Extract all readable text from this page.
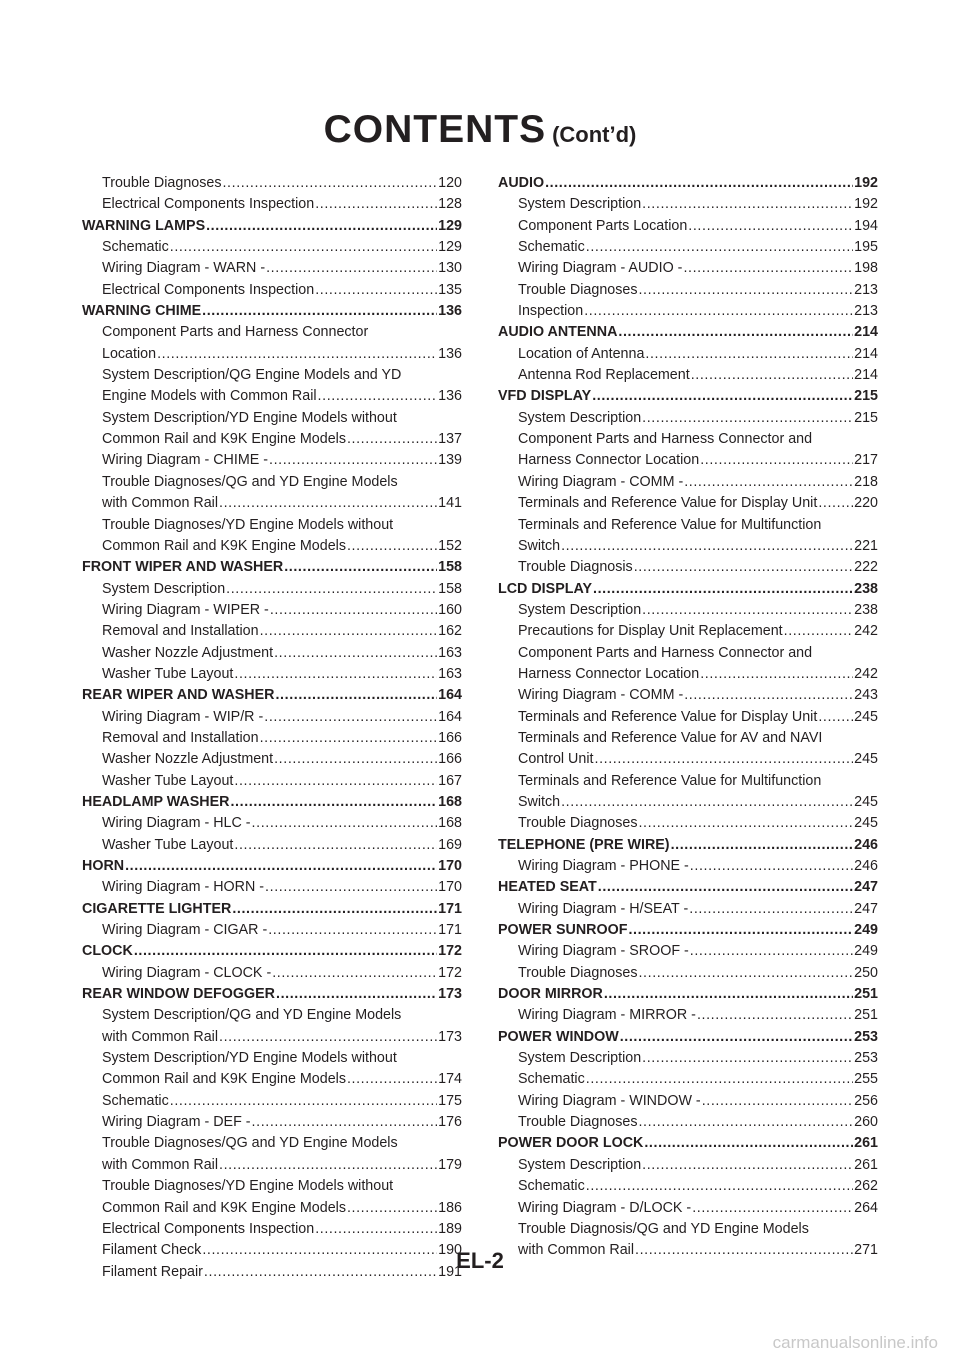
CONTENTS (Cont’d)
Trouble Diagnoses .....	120
Electrical Components Inspection .....	128
WARNING LAMPS .....	129
Schematic .....	129
Wiring Diagram - WARN - .....	130
Electrical Components Inspection .....	135
WARNING CHIME .....	136
Component Parts and Harness Connector
Location .....	136
System Description/QG Engine Models and YD
Engine Models with Common Rail .....	136
System Description/YD Engine Models without
Common Rail and K9K Engine Models .....	137
Wiring Diagram - CHIME - .....	139
Trouble Diagnoses/QG and YD Engine Models
with Common Rail .....	141
Trouble Diagnoses/YD Engine Models without
Common Rail and K9K Engine Models .....	152
FRONT WIPER AND WASHER .....	158
System Description .....	158
Wiring Diagram - WIPER - .....	160
Removal and Installation .....	162
Washer Nozzle Adjustment .....	163
Washer Tube Layout .....	163
REAR WIPER AND WASHER .....	164
Wiring Diagram - WIP/R - .....	164
Removal and Installation .....	166
Washer Nozzle Adjustment .....	166
Washer Tube Layout .....	167
HEADLAMP WASHER .....	168
Wiring Diagram - HLC - .....	168
Washer Tube Layout .....	169
HORN .....	170
Wiring Diagram - HORN - .....	170
CIGARETTE LIGHTER .....	171
Wiring Diagram - CIGAR - .....	171
CLOCK .....	172
Wiring Diagram - CLOCK - .....	172
REAR WINDOW DEFOGGER .....	173
System Description/QG and YD Engine Models
with Common Rail .....	173
System Description/YD Engine Models without
Common Rail and K9K Engine Models .....	174
Schematic .....	175
Wiring Diagram - DEF - .....	176
Trouble Diagnoses/QG and YD Engine Models
with Common Rail .....	179
Trouble Diagnoses/YD Engine Models without
Common Rail and K9K Engine Models .....	186
Electrical Components Inspection .....	189
Filament Check .....	190
Filament Repair .....	191
AUDIO .....	192
System Description .....	192
Component Parts Location .....	194
Schematic .....	195
Wiring Diagram - AUDIO - .....	198
Trouble Diagnoses .....	213
Inspection .....	213
AUDIO ANTENNA .....	214
Location of Antenna .....	214
Antenna Rod Replacement .....	214
VFD DISPLAY .....	215
System Description .....	215
Component Parts and Harness Connector and
Harness Connector Location .....	217
Wiring Diagram - COMM - .....	218
Terminals and Reference Value for Display Unit .....	220
Terminals and Reference Value for Multifunction
Switch .....	221
Trouble Diagnosis .....	222
LCD DISPLAY .....	238
System Description .....	238
Precautions for Display Unit Replacement .....	242
Component Parts and Harness Connector and
Harness Connector Location .....	242
Wiring Diagram - COMM - .....	243
Terminals and Reference Value for Display Unit .....	245
Terminals and Reference Value for AV and NAVI
Control Unit .....	245
Terminals and Reference Value for Multifunction
Switch .....	245
Trouble Diagnoses .....	245
TELEPHONE (PRE WIRE) .....	246
Wiring Diagram - PHONE - .....	246
HEATED SEAT .....	247
Wiring Diagram - H/SEAT - .....	247
POWER SUNROOF .....	249
Wiring Diagram - SROOF - .....	249
Trouble Diagnoses .....	250
DOOR MIRROR .....	251
Wiring Diagram - MIRROR - .....	251
POWER WINDOW .....	253
System Description .....	253
Schematic .....	255
Wiring Diagram - WINDOW - .....	256
Trouble Diagnoses .....	260
POWER DOOR LOCK .....	261
System Description .....	261
Schematic .....	262
Wiring Diagram - D/LOCK - .....	264
Trouble Diagnosis/QG and YD Engine Models
with Common Rail .....	271
EL-2
carmanualsonline.info
